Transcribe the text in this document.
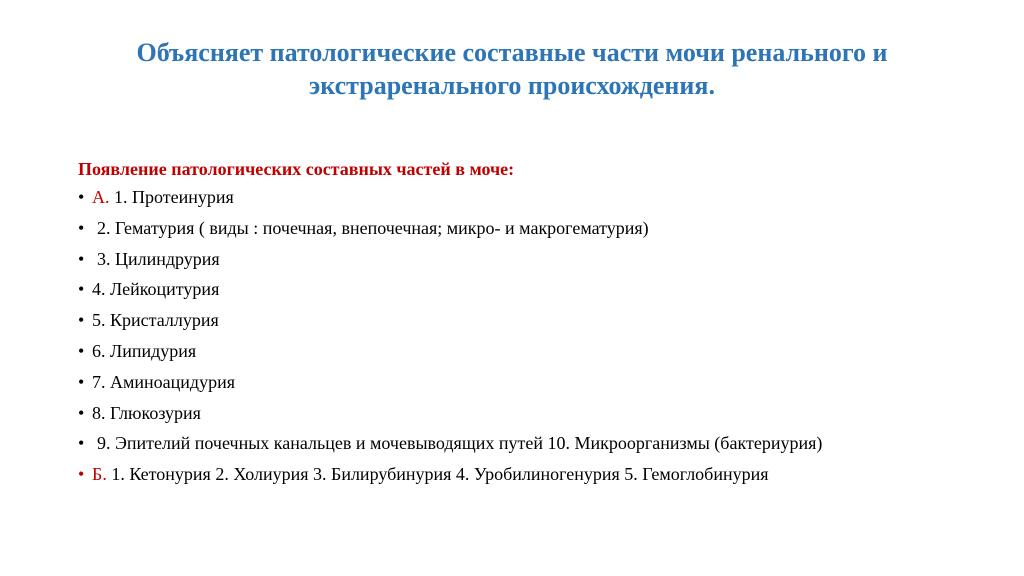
Объясняет патологические составные части мочи ренального и
экстраренального происхождения.
Появление патологических составных частей в моче:
• А. 1. Протеинурия
• 2. Гематурия ( виды : почечная, внепочечная; микро- и макрогематурия)
• 3. Цилиндрурия
• 4. Лейкоцитурия
• 5. Кристаллурия
• 6. Липидурия
• 7. Аминоацидурия
• 8. Глюкозурия
• 9. Эпителий почечных канальцев и мочевыводящих путей 10. Микроорганизмы (бактериурия)
• Б. 1. Кетонурия 2. Холиурия 3. Билирубинурия 4. Уробилиногенурия 5. Гемоглобинурия
